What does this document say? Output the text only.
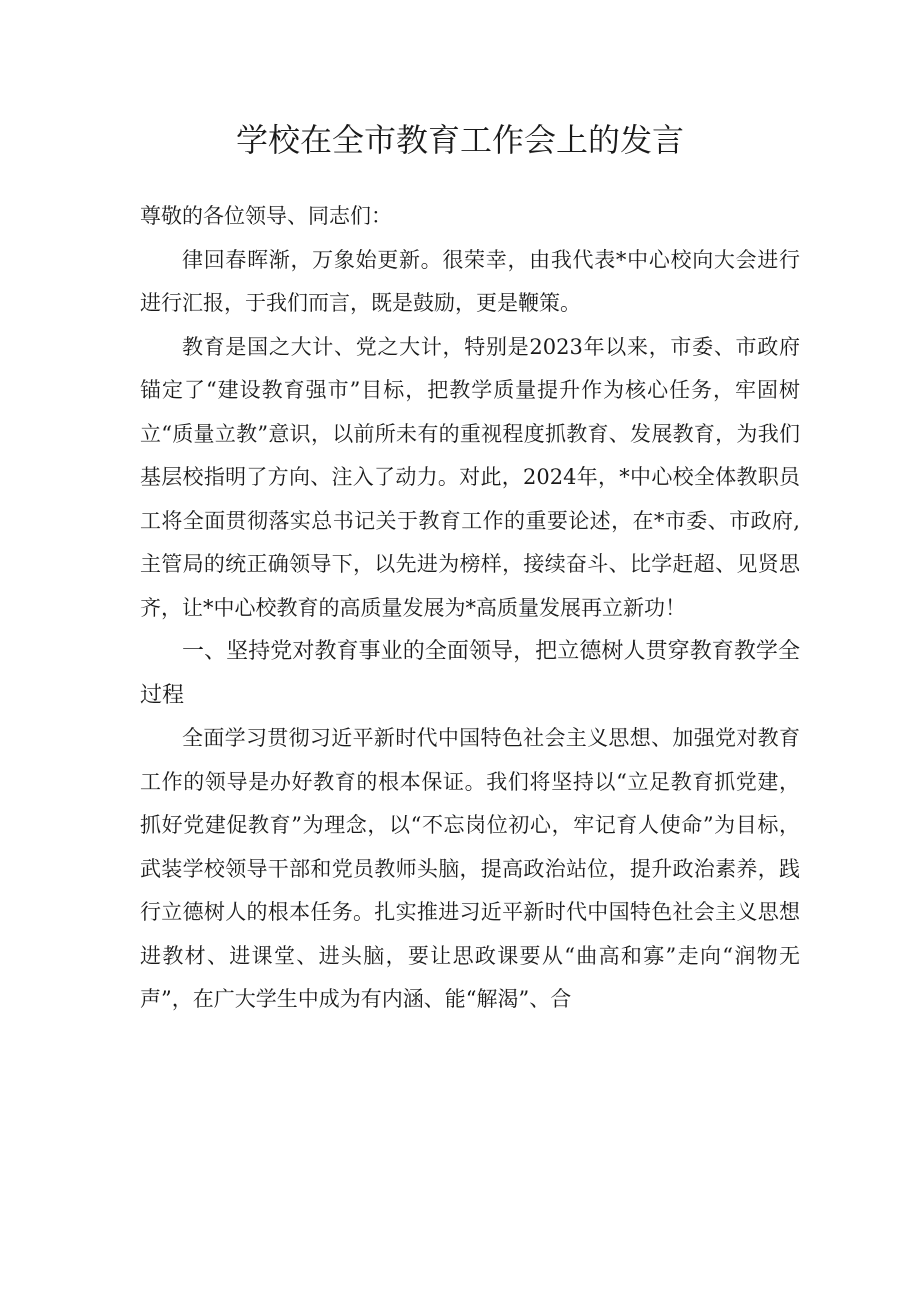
学校在全市教育工作会上的发言

尊敬的各位领导、同志们：

律回春晖渐，万象始更新。很荣幸，由我代表*中心校向大会进行进行汇报，于我们而言，既是鼓励，更是鞭策。

教育是国之大计、党之大计，特别是2023年以来，市委、市政府锚定了“建设教育强市”目标，把教学质量提升作为核心任务，牢固树立“质量立教”意识，以前所未有的重视程度抓教育、发展教育，为我们基层校指明了方向、注入了动力。对此，2024年，*中心校全体教职员工将全面贯彻落实总书记关于教育工作的重要论述，在*市委、市政府,主管局的统正确领导下，以先进为榜样，接续奋斗、比学赶超、见贤思齐，让*中心校教育的高质量发展为*高质量发展再立新功！

一、坚持党对教育事业的全面领导，把立德树人贯穿教育教学全过程

全面学习贯彻习近平新时代中国特色社会主义思想、加强党对教育工作的领导是办好教育的根本保证。我们将坚持以“立足教育抓党建，抓好党建促教育”为理念，以“不忘岗位初心，牢记育人使命”为目标，武装学校领导干部和党员教师头脑，提高政治站位，提升政治素养，践行立德树人的根本任务。扎实推进习近平新时代中国特色社会主义思想进教材、进课堂、进头脑，要让思政课要从“曲高和寡”走向“润物无声”，在广大学生中成为有内涵、能“解渴”、合
